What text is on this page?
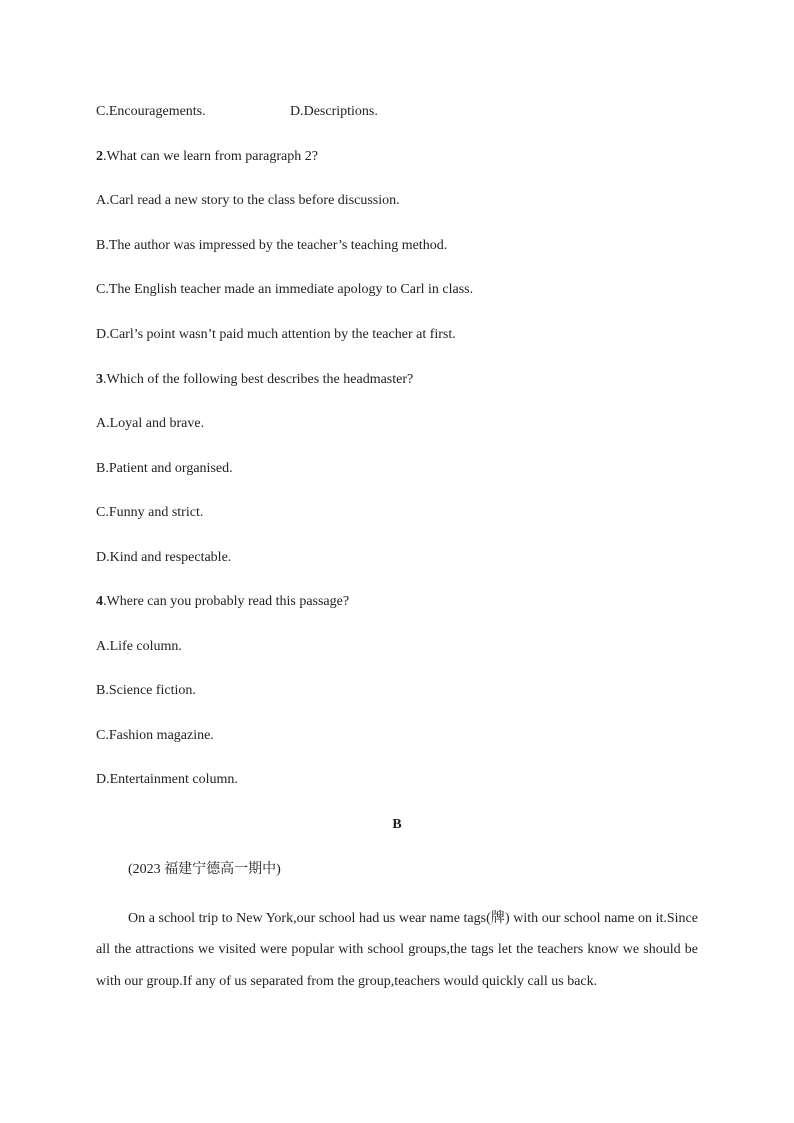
C.Encouragements.	D.Descriptions.
2.What can we learn from paragraph 2?
A.Carl read a new story to the class before discussion.
B.The author was impressed by the teacher’s teaching method.
C.The English teacher made an immediate apology to Carl in class.
D.Carl’s point wasn’t paid much attention by the teacher at first.
3.Which of the following best describes the headmaster?
A.Loyal and brave.
B.Patient and organised.
C.Funny and strict.
D.Kind and respectable.
4.Where can you probably read this passage?
A.Life column.
B.Science fiction.
C.Fashion magazine.
D.Entertainment column.
B
(2023 福建宁德高一期中)

On a school trip to New York,our school had us wear name tags(牌) with our school name on it.Since all the attractions we visited were popular with school groups,the tags let the teachers know we should be with our group.If any of us separated from the group,teachers would quickly call us back.
